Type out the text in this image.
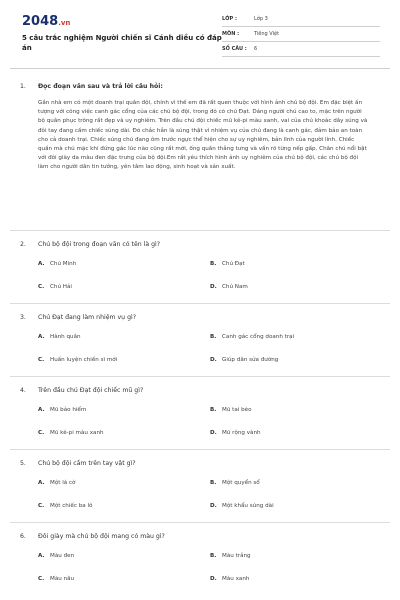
2048.vn
5 câu trắc nghiệm Người chiến sĩ Cánh diều có đáp án
LỚP :	Lớp 3
MÔN :	Tiếng Việt
SỐ CÂU :	6
1.	Đọc đoạn văn sau và trả lời câu hỏi:
Gần nhà em có một doanh trại quân đội, chính vì thế em đã rất quen thuộc với hình ảnh chú bộ đội. Em đặc biệt ấn tượng với công việc canh gác cổng của các chú bộ đội, trong đó có chú Đạt. Dáng người chú cao to, mặc trên người bộ quân phục trông rất đẹp và uy nghiêm. Trên đầu chú đội chiếc mũ kê-pi màu xanh, vai của chú khoác dây súng và đôi tay đang cầm chiếc súng dài. Đó chắc hẳn là súng thật vì nhiệm vụ của chú đang là canh gác, đảm bảo an toàn cho cả doanh trại. Chiếc súng chú đang ôm trước ngực thể hiện cho sự uy nghiêm, bản lĩnh của người lính. Chiếc quần mà chú mặc khi đứng gác lúc nào cũng rất mới, ống quần thẳng tưng và vấn rõ từng nếp gấp. Chân chú nổi bật với đôi giày da màu đen đặc trưng của bộ đội.Em rất yêu thích hình ảnh uy nghiêm của chú bộ đội, các chú bộ đội làm cho người dân tin tưởng, yên tâm lao động, sinh hoạt và sản xuất.
2.	Chú bộ đội trong đoạn văn có tên là gì?
A. Chú Minh	B.	Chú Đạt
C.	Chú Hải	D. Chú Nam
3.	Chú Đạt đang làm nhiệm vụ gì?
A. Hành quân	B.	Canh gác cổng doanh trại
C.	Huấn luyện chiến sĩ mới	D. Giúp dân sửa đường
4.	Trên đầu chú Đạt đội chiếc mũ gì?
A. Mũ bảo hiểm	B.	Mũ tai bèo
C.	Mũ kê-pi màu xanh	D. Mũ rộng vành
5.	Chú bộ đội cầm trên tay vật gì?
A. Một lá cờ	B.	Một quyển sổ
C.	Một chiếc ba lô	D. Một khẩu súng dài
6.	Đôi giày mà chú bộ đội mang có màu gì?
A. Màu đen	B.	Màu trắng
C.	Màu nâu	D. Màu xanh
